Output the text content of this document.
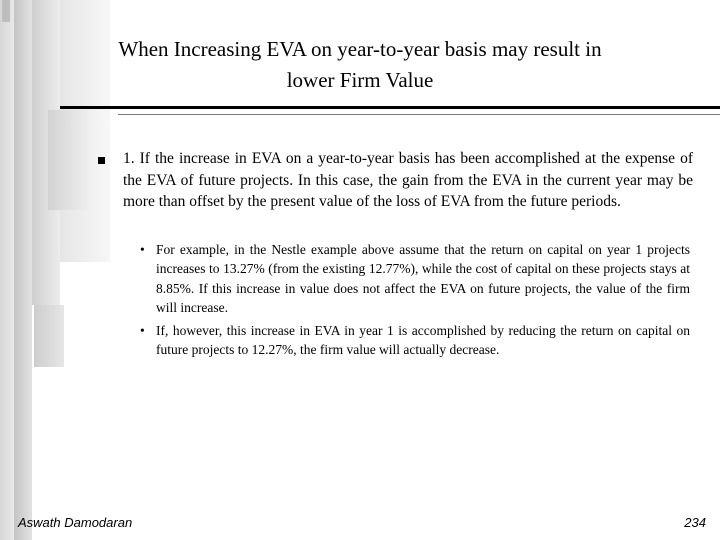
When Increasing EVA on year-to-year basis may result in
lower Firm Value
1. If the increase in EVA on a year-to-year basis has been accomplished at the expense of the EVA of future projects. In this case, the gain from the EVA in the current year may be more than offset by the present value of the loss of EVA from the future periods.
• For example, in the Nestle example above assume that the return on capital on year 1 projects increases to 13.27% (from the existing 12.77%), while the cost of capital on these projects stays at 8.85%. If this increase in value does not affect the EVA on future projects, the value of the firm will increase.
• If, however, this increase in EVA in year 1 is accomplished by reducing the return on capital on future projects to 12.27%, the firm value will actually decrease.
Aswath Damodaran	234
